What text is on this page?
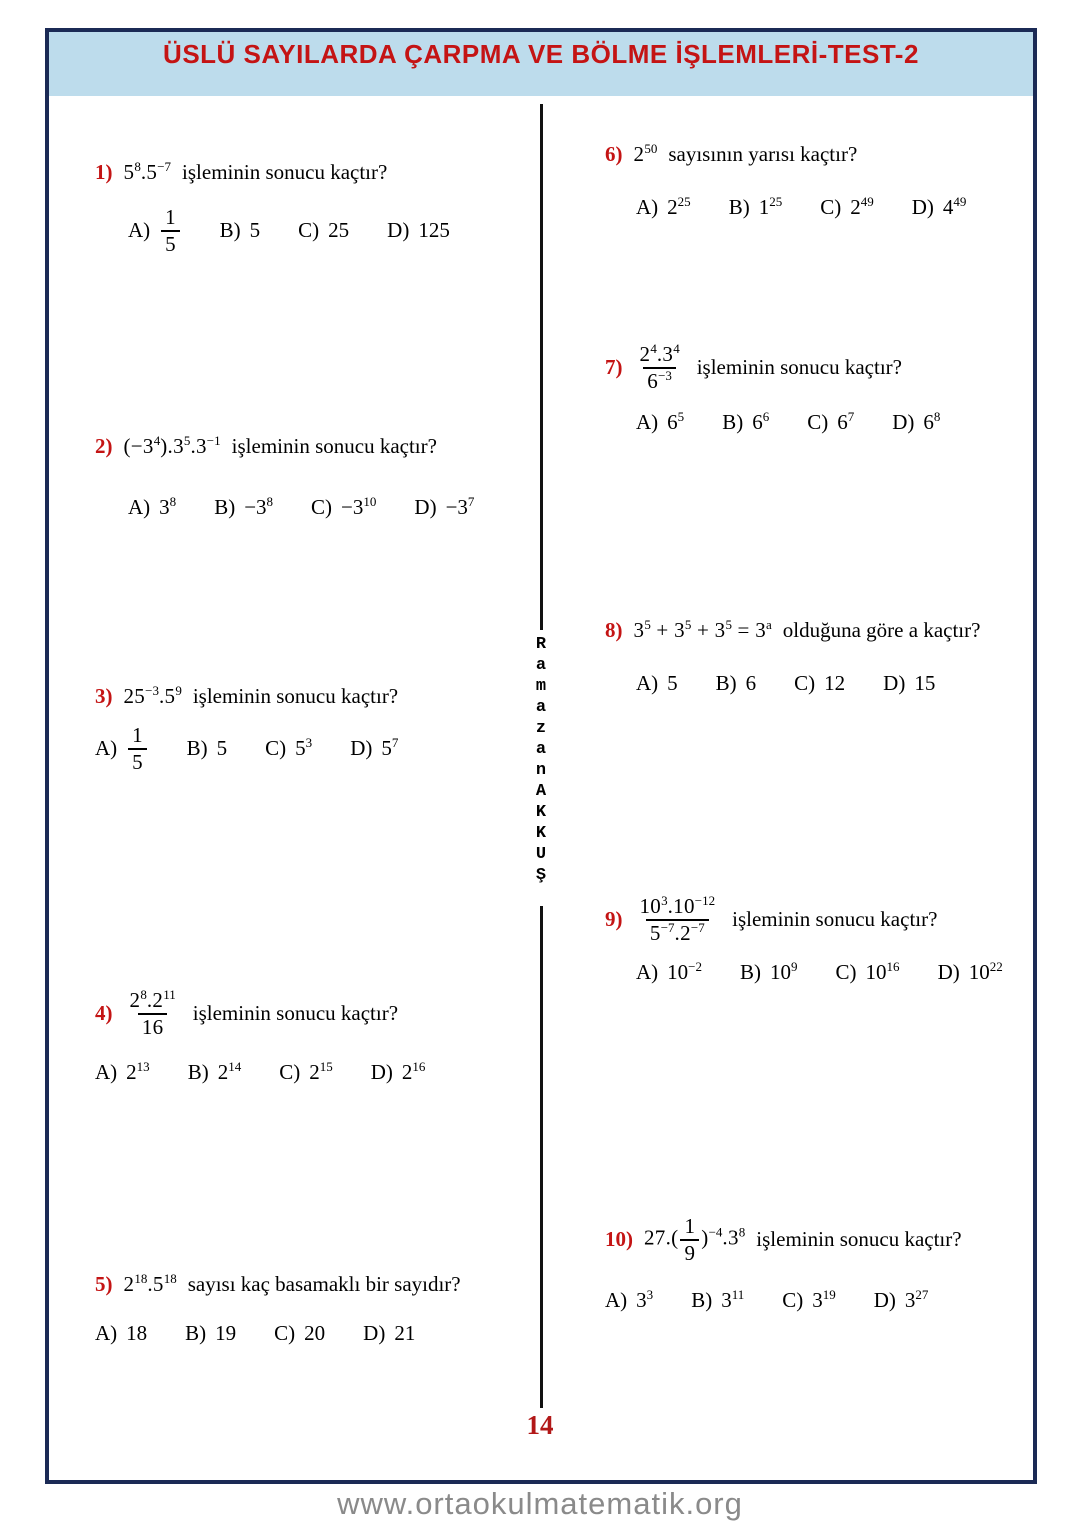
ÜSLÜ SAYILARDA ÇARPMA VE BÖLME İŞLEMLERİ-TEST-2
1) $5^8.5^{-7}$ işleminin sonucu kaçtır?
$A) \frac{1}{5} B$) 5 C) 25 D) 125
2) $(-3^4).3^5.3^{-1}$ işleminin sonucu kaçtır?
A) $3^8$ $B) -3^8$ $C) -3^{10}$ $D) -3^7$
3) $25^{-3}.5^9$ işleminin sonucu kaçtır?
$A) \frac{1}{5} B$) 5 C) $5^3$ D) $5^7$
$4) \frac{2^8.2^{11}}{16}$ işleminin sonucu kaçtır?
A) $2^{13}$ B) $2^{14}$ C) $2^{15}$ D) $2^{16}$
5) $2^{18}.5^{18}$ sayısı kaç basamaklı bir sayıdır?
A) 18 B) 19 C) 20 D) 21
6) $2^{50}$ sayısının yarısı kaçtır?
A) $2^{25}$ B) $1^{25}$ C) $2^{49}$ D) $4^{49}$
$7) \frac{2^4.3^4}{6^{-3}}$ işleminin sonucu kaçtır?
A) $6^5$ B) $6^6$ C) $6^7$ D) $6^8$
8) $3^5 + 3^5 + 3^5 = 3^a$ olduğuna göre a kaçtır?
A) 5 B) 6 C) 12 D) 15
$9) \frac{10^3.10^{-12}}{5^{-7}.2^{-7}}$ işleminin sonucu kaçtır?
A) $10^{-2}$ B) $10^9$ C) $10^{16}$ D) $10^{22}$
10) $27.( \frac{1}{9} )^{-4}.3^8$ işleminin sonucu kaçtır?
A) $3^3$ B) $3^{11}$ C) $3^{19}$ D) $3^{27}$
R
a
m
a
z
a
n
A
K
K
U
Ş
14
www.ortaokulmatematik.org
